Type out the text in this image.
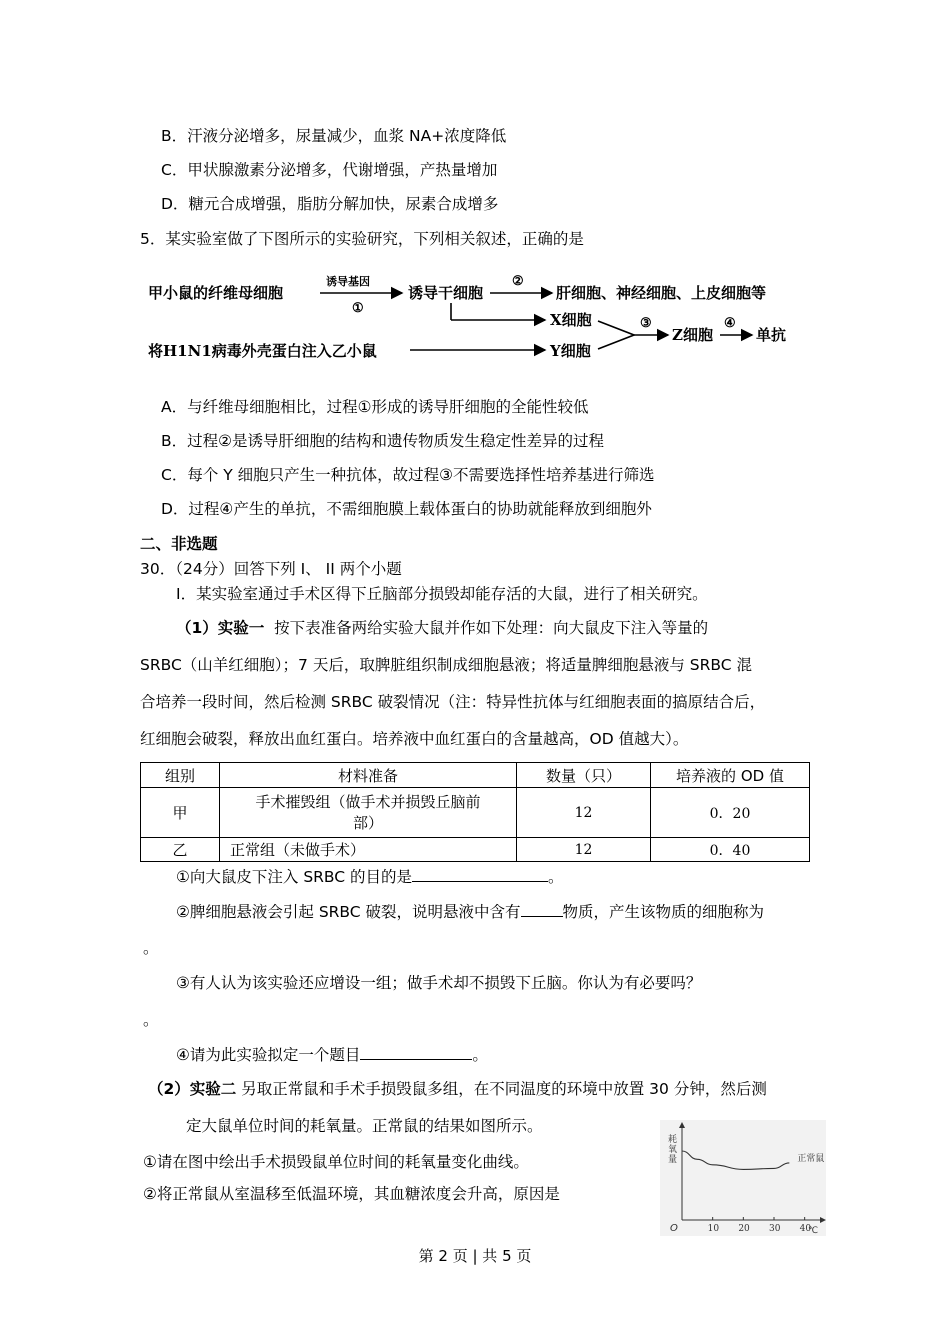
B．汗液分泌增多，尿量减少，血浆 NA+浓度降低
C．甲状腺激素分泌增多，代谢增强，产热量增加
D．糖元合成增强，脂肪分解加快，尿素合成增多
5．某实验室做了下图所示的实验研究，下列相关叙述，正确的是
甲小鼠的纤维母细胞
诱导基因
①
诱导干细胞
②
肝细胞、神经细胞、上皮细胞等
X细胞
将H1N1病毒外壳蛋白注入乙小鼠	Y细胞
③
Z细胞
④
单抗
A．与纤维母细胞相比，过程①形成的诱导肝细胞的全能性较低
B．过程②是诱导肝细胞的结构和遗传物质发生稳定性差异的过程
C．每个 Y 细胞只产生一种抗体，故过程③不需要选择性培养基进行筛选
D．过程④产生的单抗，不需细胞膜上载体蛋白的协助就能释放到细胞外
二、非选题
30．（24分）回答下列 I、 II 两个小题
I．某实验室通过手术区得下丘脑部分损毁却能存活的大鼠，进行了相关研究。
（1）实验一 按下表准备两给实验大鼠并作如下处理：向大鼠皮下注入等量的
SRBC（山羊红细胞）；7 天后，取脾脏组织制成细胞悬液；将适量脾细胞悬液与 SRBC 混
合培养一段时间，然后检测 SRBC 破裂情况（注：特异性抗体与红细胞表面的搞原结合后，
红细胞会破裂，释放出血红蛋白。培养液中血红蛋白的含量越高，OD 值越大）。
组别	材料准备	数量（只）	培养液的 OD 值
甲	手术摧毁组（做手术并损毁丘脑前
部）	12	0．20
乙	正常组（未做手术）	12	0．40
①向大鼠皮下注入 SRBC 的目的是	。
②脾细胞悬液会引起 SRBC 破裂，说明悬液中含有	物质，产生该物质的细胞称为
。
③有人认为该实验还应增设一组；做手术却不损毁下丘脑。你认为有必要吗？
。
④请为此实验拟定一个题目	。
（2）实验二 另取正常鼠和手术手损毁鼠多组，在不同温度的环境中放置 30 分钟，然后测
定大鼠单位时间的耗氧量。正常鼠的结果如图所示。
①请在图中绘出手术损毁鼠单位时间的耗氧量变化曲线。
②将正常鼠从室温移至低温环境，其血糖浓度会升高，原因是
耗
氧
量
O	10 20 30 40
℃
正常鼠
第 2 页 | 共 5 页
